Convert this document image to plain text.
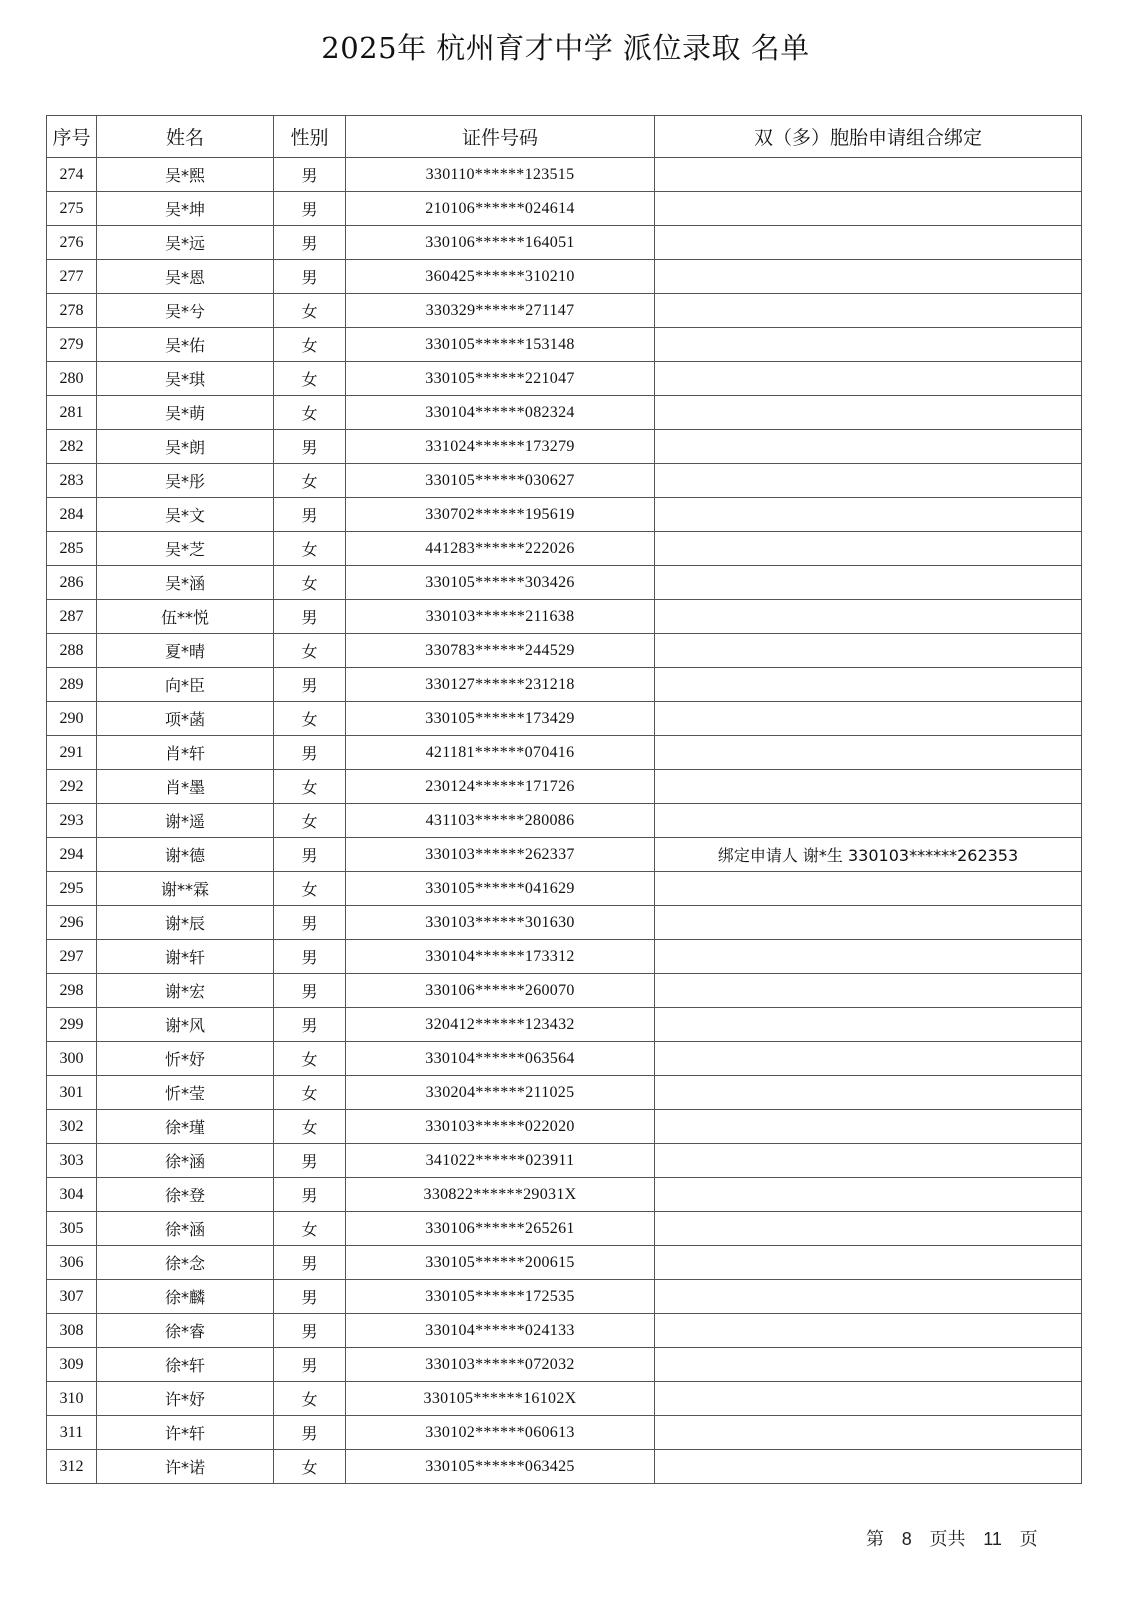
2025年 杭州育才中学 派位录取 名单
序号	姓名	性别	证件号码	双（多）胞胎申请组合绑定
274	吴*熙	男	330110******123515	
275	吴*坤	男	210106******024614	
276	吴*远	男	330106******164051	
277	吴*恩	男	360425******310210	
278	吴*兮	女	330329******271147	
279	吴*佑	女	330105******153148	
280	吴*琪	女	330105******221047	
281	吴*萌	女	330104******082324	
282	吴*朗	男	331024******173279	
283	吴*彤	女	330105******030627	
284	吴*文	男	330702******195619	
285	吴*芝	女	441283******222026	
286	吴*涵	女	330105******303426	
287	伍**悦	男	330103******211638	
288	夏*晴	女	330783******244529	
289	向*臣	男	330127******231218	
290	项*菡	女	330105******173429	
291	肖*轩	男	421181******070416	
292	肖*墨	女	230124******171726	
293	谢*遥	女	431103******280086	
294	谢*德	男	330103******262337	绑定申请人 谢*生 330103******262353
295	谢**霖	女	330105******041629	
296	谢*辰	男	330103******301630	
297	谢*轩	男	330104******173312	
298	谢*宏	男	330106******260070	
299	谢*风	男	320412******123432	
300	忻*妤	女	330104******063564	
301	忻*莹	女	330204******211025	
302	徐*瑾	女	330103******022020	
303	徐*涵	男	341022******023911	
304	徐*登	男	330822******29031X	
305	徐*涵	女	330106******265261	
306	徐*念	男	330105******200615	
307	徐*麟	男	330105******172535	
308	徐*睿	男	330104******024133	
309	徐*轩	男	330103******072032	
310	许*妤	女	330105******16102X	
311	许*轩	男	330102******060613	
312	许*诺	女	330105******063425	
第 8 页共 11 页
